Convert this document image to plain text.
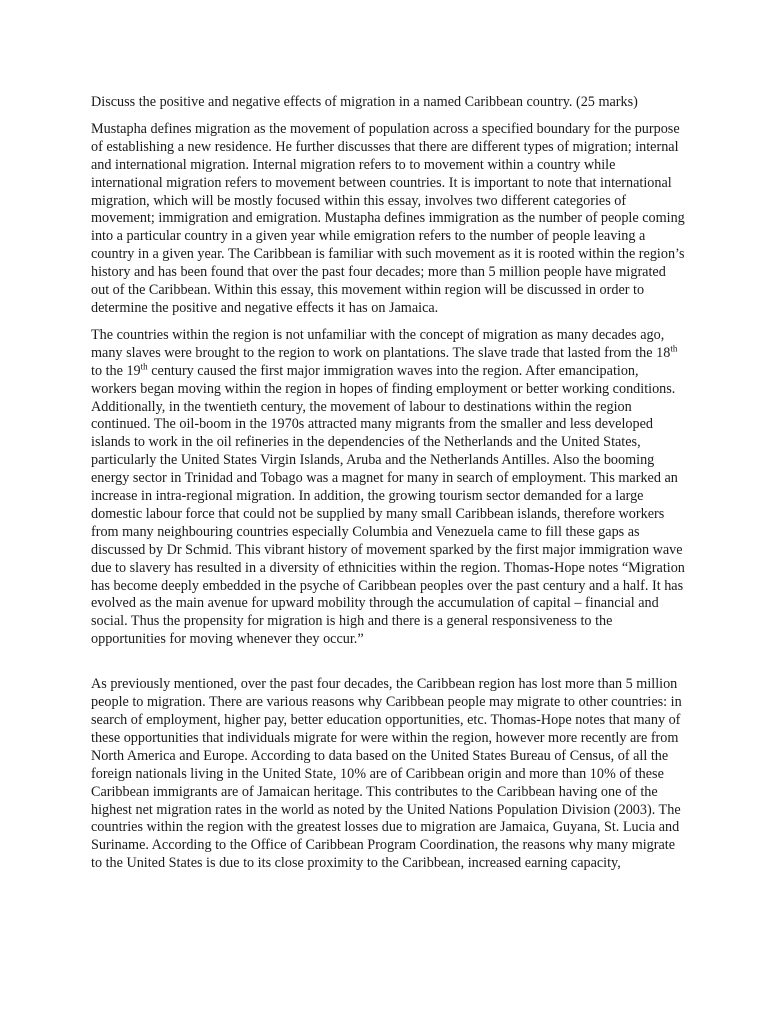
Discuss the positive and negative effects of migration in a named Caribbean country. (25 marks)

Mustapha defines migration as the movement of population across a specified boundary for the purpose of establishing a new residence. He further discusses that there are different types of migration; internal and international migration. Internal migration refers to to movement within a country while international migration refers to movement between countries. It is important to note that international migration, which will be mostly focused within this essay, involves two different categories of movement; immigration and emigration. Mustapha defines immigration as the number of people coming into a particular country in a given year while emigration refers to the number of people leaving a country in a given year. The Caribbean is familiar with such movement as it is rooted within the region’s history and has been found that over the past four decades; more than 5 million people have migrated out of the Caribbean. Within this essay, this movement within region will be discussed in order to determine the positive and negative effects it has on Jamaica.

The countries within the region is not unfamiliar with the concept of migration as many decades ago, many slaves were brought to the region to work on plantations. The slave trade that lasted from the 18th to the 19th century caused the first major immigration waves into the region. After emancipation, workers began moving within the region in hopes of finding employment or better working conditions. Additionally, in the twentieth century, the movement of labour to destinations within the region continued. The oil-boom in the 1970s attracted many migrants from the smaller and less developed islands to work in the oil refineries in the dependencies of the Netherlands and the United States, particularly the United States Virgin Islands, Aruba and the Netherlands Antilles. Also the booming energy sector in Trinidad and Tobago was a magnet for many in search of employment. This marked an increase in intra-regional migration. In addition, the growing tourism sector demanded for a large domestic labour force that could not be supplied by many small Caribbean islands, therefore workers from many neighbouring countries especially Columbia and Venezuela came to fill these gaps as discussed by Dr Schmid. This vibrant history of movement sparked by the first major immigration wave due to slavery has resulted in a diversity of ethnicities within the region. Thomas-Hope notes “Migration has become deeply embedded in the psyche of Caribbean peoples over the past century and a half. It has evolved as the main avenue for upward mobility through the accumulation of capital – financial and social. Thus the propensity for migration is high and there is a general responsiveness to the opportunities for moving whenever they occur.”

As previously mentioned, over the past four decades, the Caribbean region has lost more than 5 million people to migration. There are various reasons why Caribbean people may migrate to other countries: in search of employment, higher pay, better education opportunities, etc. Thomas-Hope notes that many of these opportunities that individuals migrate for were within the region, however more recently are from North America and Europe. According to data based on the United States Bureau of Census, of all the foreign nationals living in the United State, 10% are of Caribbean origin and more than 10% of these Caribbean immigrants are of Jamaican heritage. This contributes to the Caribbean having one of the highest net migration rates in the world as noted by the United Nations Population Division (2003). The countries within the region with the greatest losses due to migration are Jamaica, Guyana, St. Lucia and Suriname. According to the Office of Caribbean Program Coordination, the reasons why many migrate to the United States is due to its close proximity to the Caribbean, increased earning capacity,
